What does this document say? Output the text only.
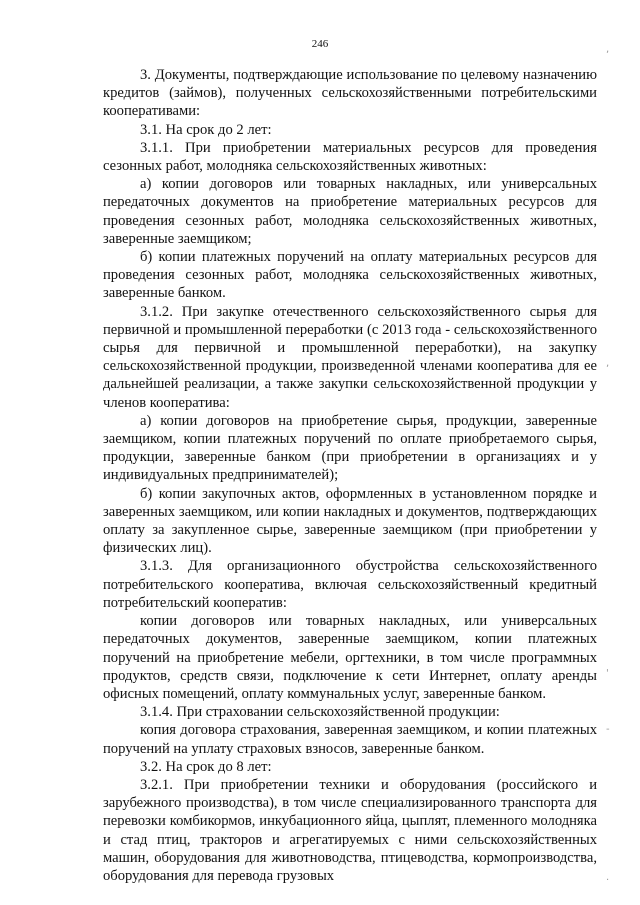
246	,
,
'
-
.

3. Документы, подтверждающие использование по целевому назначению кредитов (займов), полученных сельскохозяйственными потребительскими кооперативами:

3.1. На срок до 2 лет:

3.1.1. При приобретении материальных ресурсов для проведения сезонных работ, молодняка сельскохозяйственных животных:

а) копии договоров или товарных накладных, или универсальных передаточных документов на приобретение материальных ресурсов для проведения сезонных работ, молодняка сельскохозяйственных животных, заверенные заемщиком;

б) копии платежных поручений на оплату материальных ресурсов для проведения сезонных работ, молодняка сельскохозяйственных животных, заверенные банком.

3.1.2. При закупке отечественного сельскохозяйственного сырья для первичной и промышленной переработки (с 2013 года - сельскохозяйственного сырья для первичной и промышленной переработки), на закупку сельскохозяйственной продукции, произведенной членами кооператива для ее дальнейшей реализации, а также закупки сельскохозяйственной продукции у членов кооператива:

а) копии договоров на приобретение сырья, продукции, заверенные заемщиком, копии платежных поручений по оплате приобретаемого сырья, продукции, заверенные банком (при приобретении в организациях и у индивидуальных предпринимателей);

б) копии закупочных актов, оформленных в установленном порядке и заверенных заемщиком, или копии накладных и документов, подтверждающих оплату за закупленное сырье, заверенные заемщиком (при приобретении у физических лиц).

3.1.3. Для организационного обустройства сельскохозяйственного потребительского кооператива, включая сельскохозяйственный кредитный потребительский кооператив:

копии договоров или товарных накладных, или универсальных передаточных документов, заверенные заемщиком, копии платежных поручений на приобретение мебели, оргтехники, в том числе программных продуктов, средств связи, подключение к сети Интернет, оплату аренды офисных помещений, оплату коммунальных услуг, заверенные банком.

3.1.4. При страховании сельскохозяйственной продукции:

копия договора страхования, заверенная заемщиком, и копии платежных поручений на уплату страховых взносов, заверенные банком.

3.2. На срок до 8 лет:

3.2.1. При приобретении техники и оборудования (российского и зарубежного производства), в том числе специализированного транспорта для перевозки комбикормов, инкубационного яйца, цыплят, племенного молодняка и стад птиц, тракторов и агрегатируемых с ними сельскохозяйственных машин, оборудования для животноводства, птицеводства, кормопроизводства, оборудования для перевода грузовых
